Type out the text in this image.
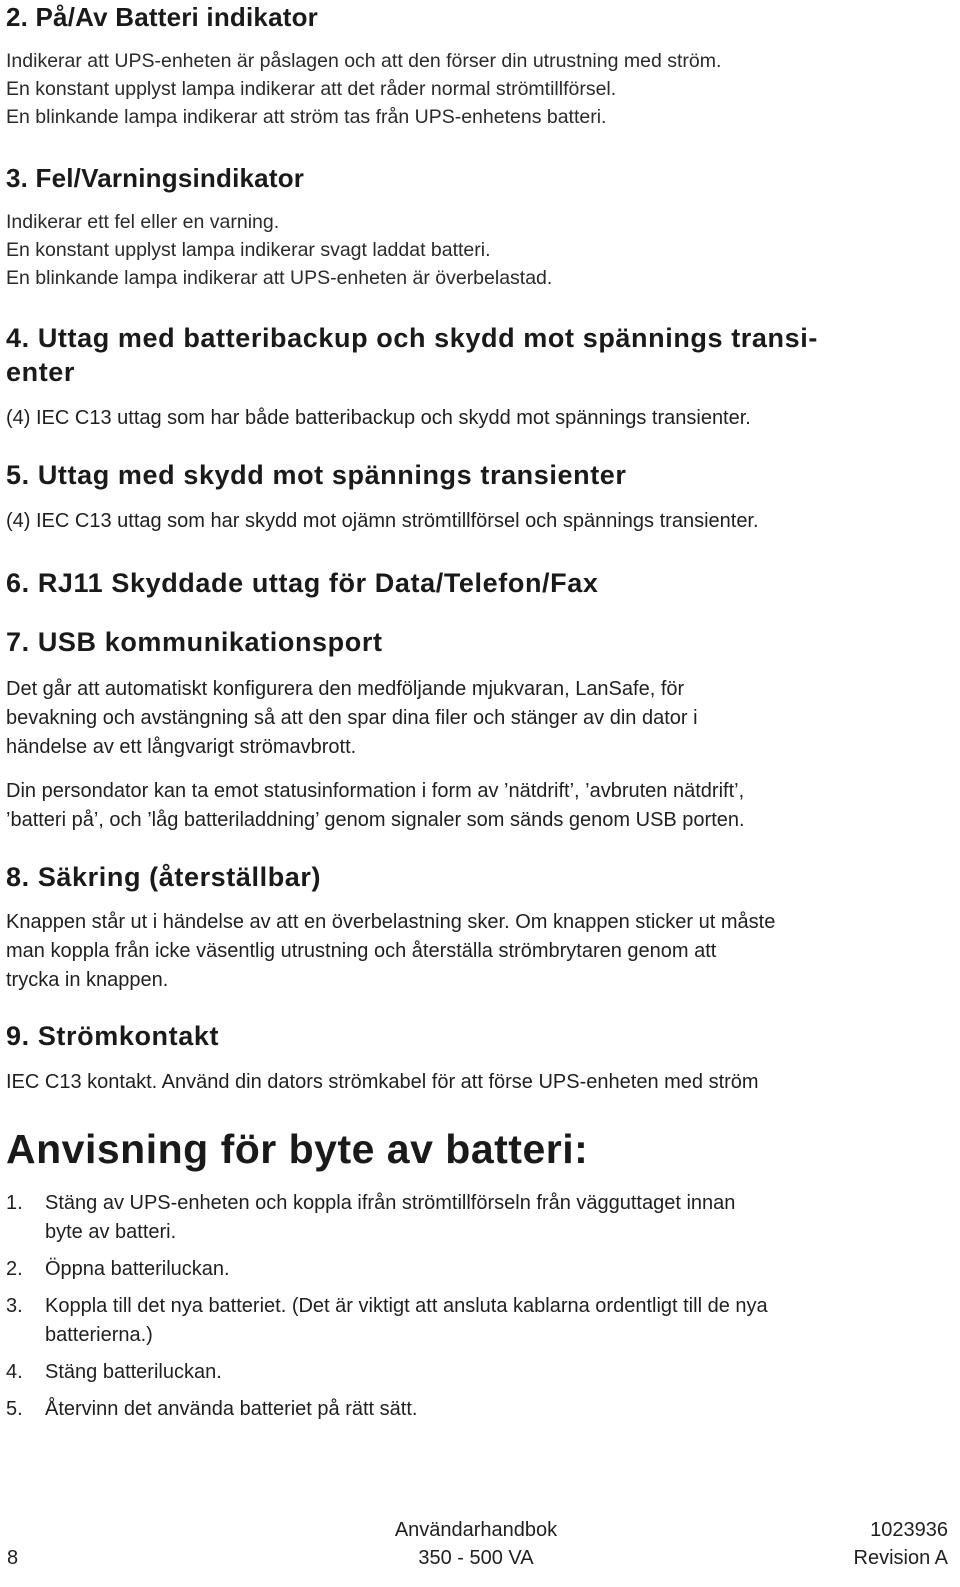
2. På/Av Batteri indikator

Indikerar att UPS-enheten är påslagen och att den förser din utrustning med ström.

En konstant upplyst lampa indikerar att det råder normal strömtillförsel.

En blinkande lampa indikerar att ström tas från UPS-enhetens batteri.

3. Fel/Varningsindikator

Indikerar ett fel eller en varning.

En konstant upplyst lampa indikerar svagt laddat batteri.

En blinkande lampa indikerar att UPS-enheten är överbelastad.

4. Uttag med batteribackup och skydd mot spännings transi-
enter

(4) IEC C13 uttag som har både batteribackup och skydd mot spännings transienter.

5. Uttag med skydd mot spännings transienter

(4) IEC C13 uttag som har skydd mot ojämn strömtillförsel och spännings transienter.

6. RJ11 Skyddade uttag för Data/Telefon/Fax
7. USB kommunikationsport

Det går att automatiskt konfigurera den medföljande mjukvaran, LanSafe, för

bevakning och avstängning så att den spar dina filer och stänger av din dator i

händelse av ett långvarigt strömavbrott.

Din persondator kan ta emot statusinformation i form av ’nätdrift’, ’avbruten nätdrift’,

’batteri på’, och ’låg batteriladdning’ genom signaler som sänds genom USB porten.

8. Säkring (återställbar)

Knappen står ut i händelse av att en överbelastning sker. Om knappen sticker ut måste

man koppla från icke väsentlig utrustning och återställa strömbrytaren genom att

trycka in knappen.

9. Strömkontakt

IEC C13 kontakt. Använd din dators strömkabel för att förse UPS-enheten med ström

Anvisning för byte av batteri:
1. Stäng av UPS-enheten och koppla ifrån strömtillförseln från vägguttaget innan
byte av batteri.
2. Öppna batteriluckan.
3. Koppla till det nya batteriet. (Det är viktigt att ansluta kablarna ordentligt till de nya
batterierna.)
4. Stäng batteriluckan.
5. Återvinn det använda batteriet på rätt sätt.
8
Användarhandbok
350 - 500 VA
1023936
Revision A
